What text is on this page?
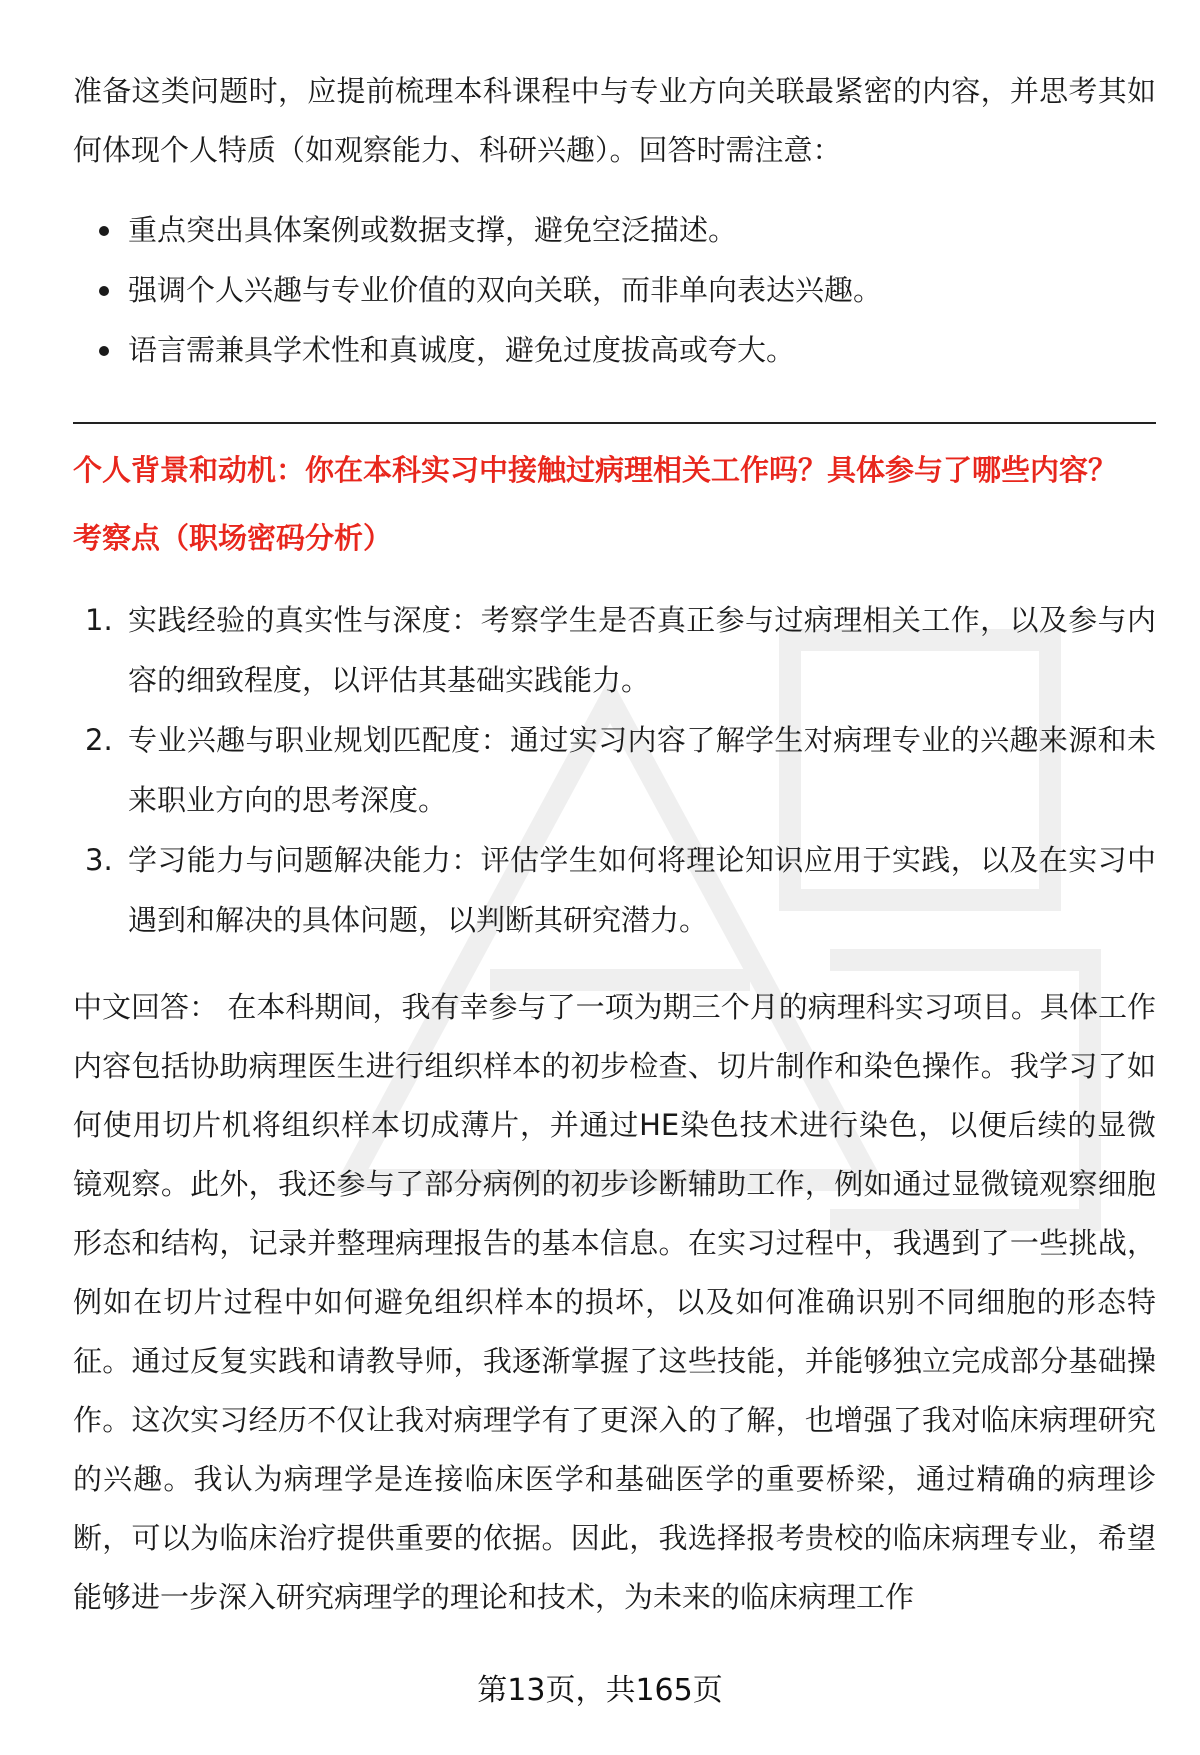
准备这类问题时，应提前梳理本科课程中与专业方向关联最紧密的内容，并思考其如何体现个人特质（如观察能力、科研兴趣）。回答时需注意：

重点突出具体案例或数据支撑，避免空泛描述。
强调个人兴趣与专业价值的双向关联，而非单向表达兴趣。
语言需兼具学术性和真诚度，避免过度拔高或夸大。

个人背景和动机：你在本科实习中接触过病理相关工作吗？具体参与了哪些内容？

考察点（职场密码分析）

1. 实践经验的真实性与深度：考察学生是否真正参与过病理相关工作，以及参与内容的细致程度，以评估其基础实践能力。
2. 专业兴趣与职业规划匹配度：通过实习内容了解学生对病理专业的兴趣来源和未来职业方向的思考深度。
3. 学习能力与问题解决能力：评估学生如何将理论知识应用于实践，以及在实习中遇到和解决的具体问题，以判断其研究潜力。

中文回答： 在本科期间，我有幸参与了一项为期三个月的病理科实习项目。具体工作内容包括协助病理医生进行组织样本的初步检查、切片制作和染色操作。我学习了如何使用切片机将组织样本切成薄片，并通过HE染色技术进行染色，以便后续的显微镜观察。此外，我还参与了部分病例的初步诊断辅助工作，例如通过显微镜观察细胞形态和结构，记录并整理病理报告的基本信息。在实习过程中，我遇到了一些挑战，例如在切片过程中如何避免组织样本的损坏，以及如何准确识别不同细胞的形态特征。通过反复实践和请教导师，我逐渐掌握了这些技能，并能够独立完成部分基础操作。这次实习经历不仅让我对病理学有了更深入的了解，也增强了我对临床病理研究的兴趣。我认为病理学是连接临床医学和基础医学的重要桥梁，通过精确的病理诊断，可以为临床治疗提供重要的依据。因此，我选择报考贵校的临床病理专业，希望能够进一步深入研究病理学的理论和技术，为未来的临床病理工作

第13页，共165页
